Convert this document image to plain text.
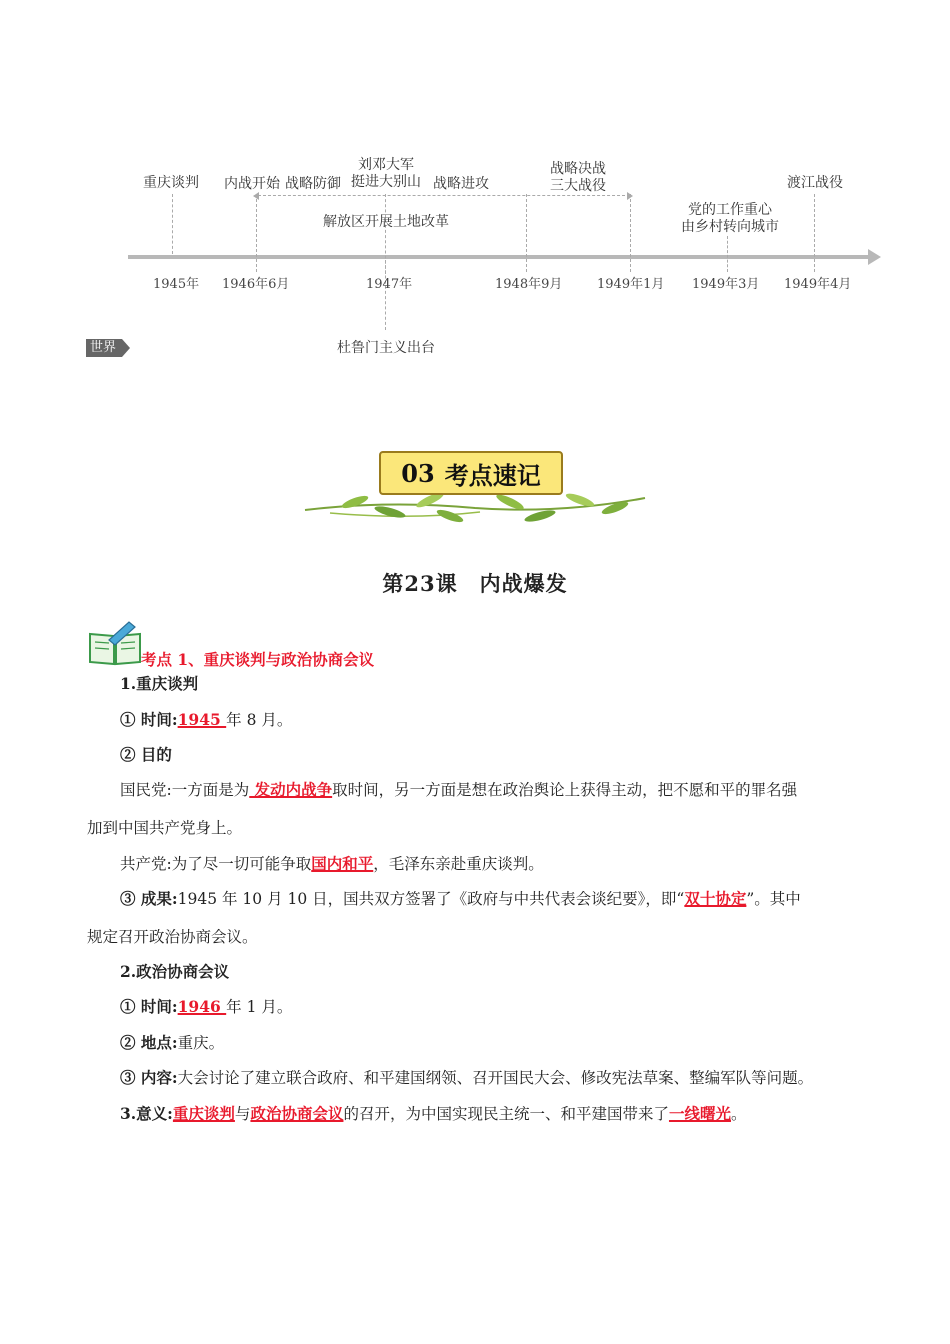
重庆谈判 内战开始 战略防御
刘邓大军
挺进大别山 战略进攻
解放区开展土地改革
战略决战
三大战役
党的工作重心
由乡村转向城市
渡江战役
1945年 1946年6月	1947年	1948年9月	1949年1月 1949年3月 1949年4月
世界	杜鲁门主义出台
03 考点速记
第23课　内战爆发
考点 1、重庆谈判与政治协商会议
1.重庆谈判
① 时间:1945 年 8 月。
② 目的
国民党:一方面是为 发动内战争取时间，另一方面是想在政治舆论上获得主动，把不愿和平的罪名强
加到中国共产党身上。
共产党:为了尽一切可能争取国内和平，毛泽东亲赴重庆谈判。
③ 成果:1945 年 10 月 10 日，国共双方签署了《政府与中共代表会谈纪要》，即“双十协定”。其中
规定召开政治协商会议。
2.政治协商会议
① 时间:1946 年 1 月。
② 地点:重庆。
③ 内容:大会讨论了建立联合政府、和平建国纲领、召开国民大会、修改宪法草案、整编军队等问题。
3.意义:重庆谈判与政治协商会议的召开，为中国实现民主统一、和平建国带来了一线曙光。
